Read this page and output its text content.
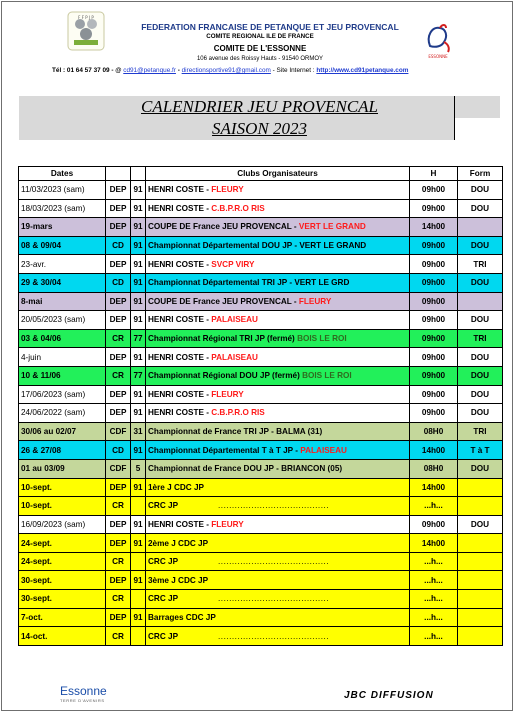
F F P J P
ESSONNE
FEDERATION FRANCAISE DE PETANQUE ET JEU PROVENCAL
COMITE REGIONAL ILE DE FRANCE
COMITE DE L'ESSONNE
106 avenue des Roissy Hauts - 91540 ORMOY
Tél : 01 64 57 37 09 - @ cd91@petanque.fr - directionsportive91@gmail.com - Site Internet : http://www.cd91petanque.com
CALENDRIER JEU PROVENCAL
SAISON 2023
Dates			Clubs Organisateurs	H	Form
11/03/2023 (sam)	DEP	91	HENRI COSTE - FLEURY	09h00	DOU
18/03/2023 (sam)	DEP	91	HENRI COSTE - C.B.P.R.O RIS	09h00	DOU
19-mars	DEP	91	COUPE DE France JEU PROVENCAL - VERT LE GRAND	14h00	
08 & 09/04	CD	91	Championnat Départemental DOU JP - VERT LE GRAND	09h00	DOU
23-avr.	DEP	91	HENRI COSTE - SVCP VIRY	09h00	TRI
29 & 30/04	CD	91	Championnat Départemental TRI JP - VERT LE GRD	09h00	DOU
8-mai	DEP	91	COUPE DE France JEU PROVENCAL - FLEURY	09h00	
20/05/2023 (sam)	DEP	91	HENRI COSTE - PALAISEAU	09h00	DOU
03 & 04/06	CR	77	Championnat Régional TRI JP (fermé) BOIS LE ROI	09h00	TRI
4-juin	DEP	91	HENRI COSTE - PALAISEAU	09h00	DOU
10 & 11/06	CR	77	Championnat Régional DOU JP (fermé) BOIS LE ROI	09h00	DOU
17/06/2023 (sam)	DEP	91	HENRI COSTE - FLEURY	09h00	DOU
24/06/2022 (sam)	DEP	91	HENRI COSTE - C.B.P.R.O RIS	09h00	DOU
30/06 au 02/07	CDF	31	Championnat de France TRI JP - BALMA (31)	08H0	TRI
26 & 27/08	CD	91	Championnat Départemental T à T JP - PALAISEAU	14h00	T à T
01 au 03/09	CDF	5	Championnat de France DOU JP - BRIANCON (05)	08H0	DOU
10-sept.	DEP	91	1ère J CDC JP	14h00	
10-sept.	CR		CRC JP ........................................	...h...	
16/09/2023 (sam)	DEP	91	HENRI COSTE - FLEURY	09h00	DOU
24-sept.	DEP	91	2ème J CDC JP	14h00	
24-sept.	CR		CRC JP ........................................	...h...	
30-sept.	DEP	91	3ème J CDC JP	...h...	
30-sept.	CR		CRC JP ........................................	...h...	
7-oct.	DEP	91	Barrages CDC JP	...h...	
14-oct.	CR		CRC JP ........................................	...h...	
Essonne
TERRE D'AVENIRS	JBC DIFFUSION
